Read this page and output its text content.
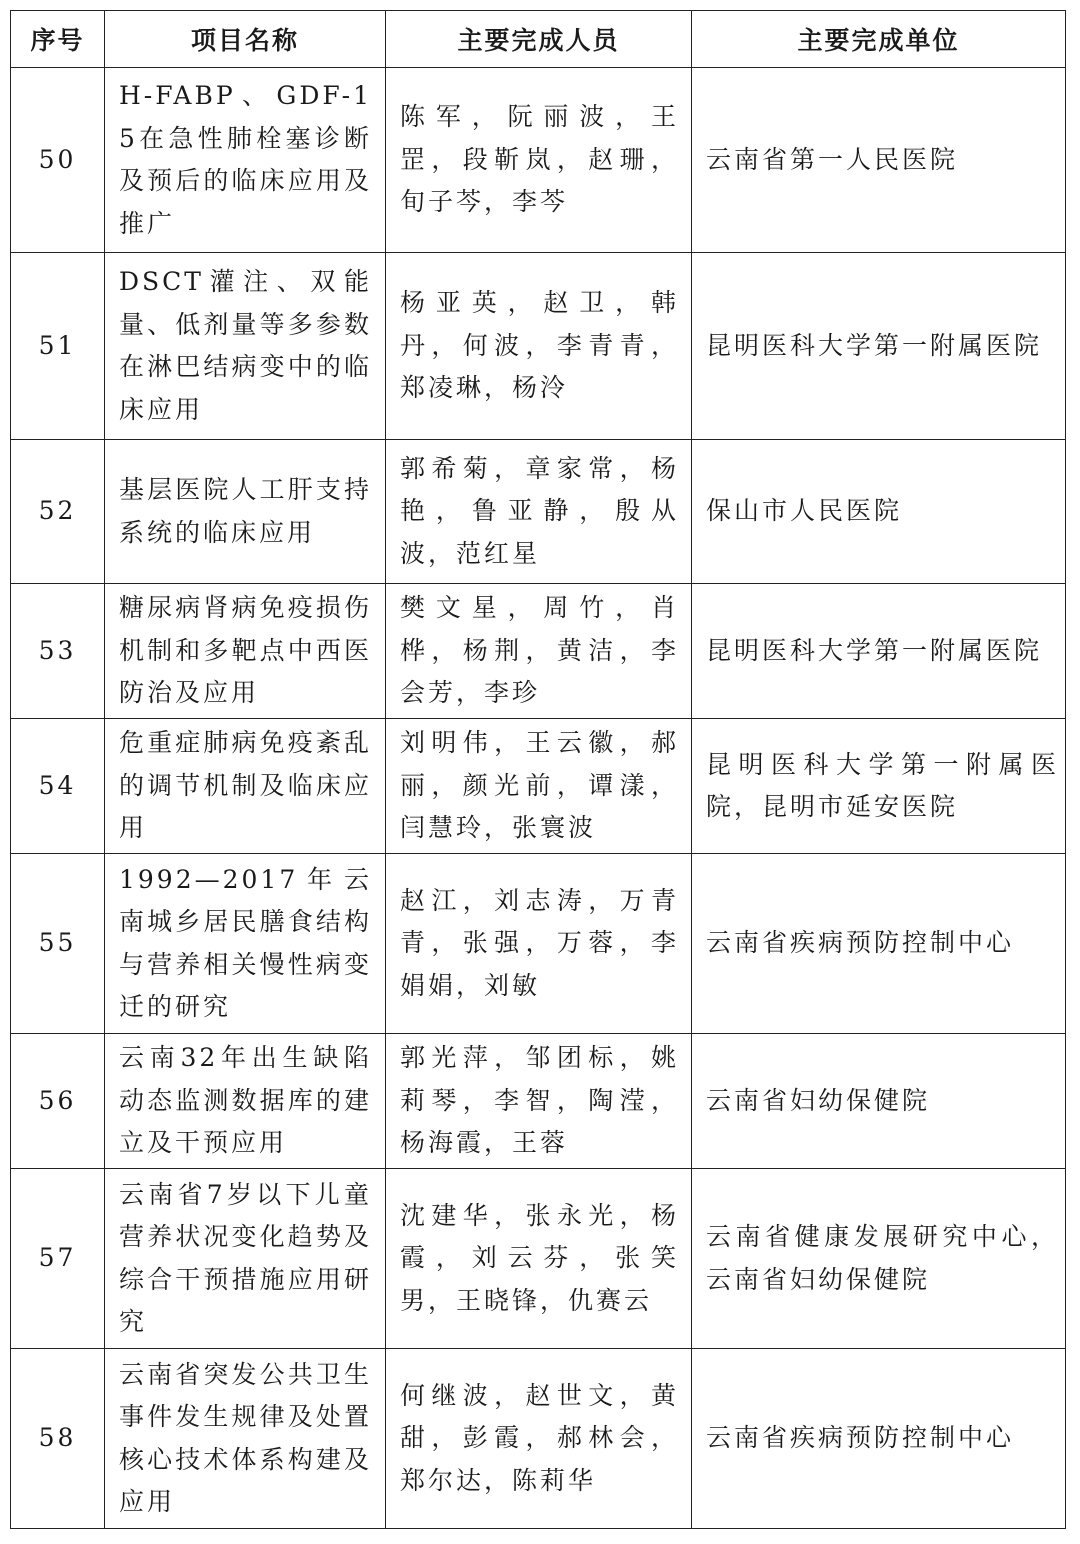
序号	项目名称	主要完成人员	主要完成单位
50	H-FABP、GDF-15在急性肺栓塞诊断及预后的临床应用及推广	陈军，阮丽波，王罡，段靳岚，赵珊，旬子芩，李芩	云南省第一人民医院

51	DSCT灌注、双能量、低剂量等多参数在淋巴结病变中的临床应用	杨亚英，赵卫，韩丹，何波，李青青，郑凌琳，杨泠	昆明医科大学第一附属医院

52	基层医院人工肝支持系统的临床应用	郭希菊，章家常，杨艳，鲁亚静，殷从波，范红星	保山市人民医院

53	糖尿病肾病免疫损伤机制和多靶点中西医防治及应用	樊文星，周竹，肖桦，杨荆，黄洁，李会芳，李珍	昆明医科大学第一附属医院

54	危重症肺病免疫紊乱的调节机制及临床应用	刘明伟，王云徽，郝丽，颜光前，谭漾，闫慧玲，张寰波	昆明医科大学第一附属医院，昆明市延安医院

55	1992—2017年云南城乡居民膳食结构与营养相关慢性病变迁的研究	赵江，刘志涛，万青青，张强，万蓉，李娟娟，刘敏	云南省疾病预防控制中心

56	云南32年出生缺陷动态监测数据库的建立及干预应用	郭光萍，邹团标，姚莉琴，李智，陶滢，杨海霞，王蓉	云南省妇幼保健院

57	云南省7岁以下儿童营养状况变化趋势及综合干预措施应用研究	沈建华，张永光，杨霞，刘云芬，张笑男，王晓锋，仇赛云	云南省健康发展研究中心，云南省妇幼保健院

58	云南省突发公共卫生事件发生规律及处置核心技术体系构建及应用	何继波，赵世文，黄甜，彭霞，郝林会，郑尔达，陈莉华	云南省疾病预防控制中心
